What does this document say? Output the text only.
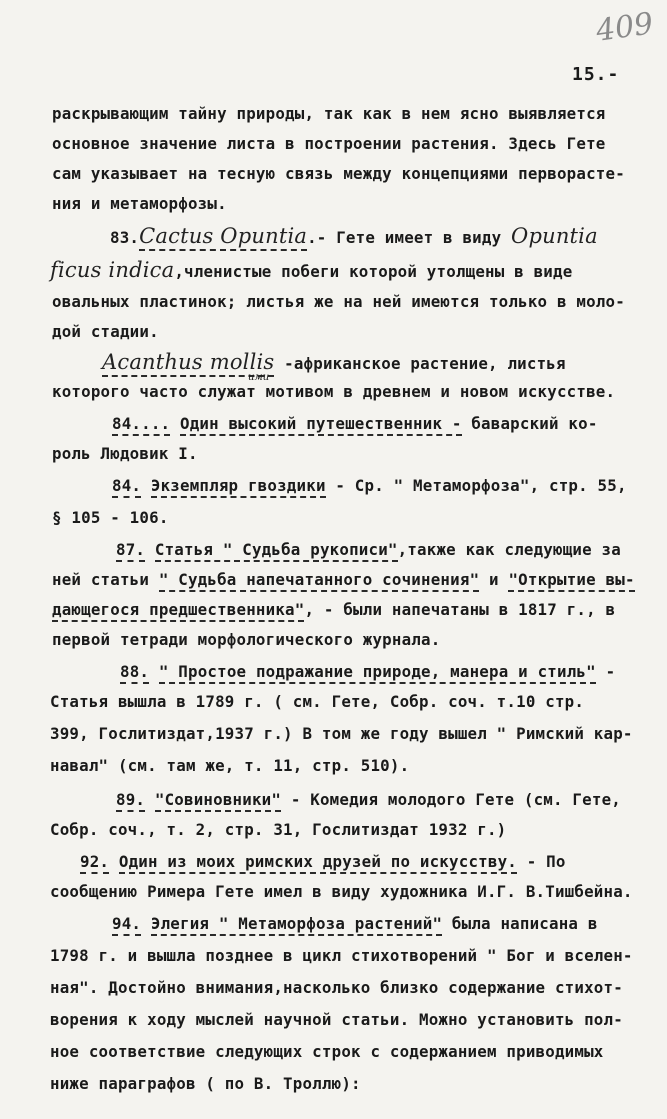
409
15.-
раскрывающим тайну природы, так как в нем ясно выявляется
основное значение листа в построении растения. Здесь Гете
сам указывает на тесную связь между концепциями перворасте-
ния и метаморфозы.
83.Cactus Opuntia.- Гете имеет в виду Opuntia
ficus indica,членистые побеги которой утолщены в виде
овальных пластинок; листья же на ней имеются только в моло-
дой стадии.
Acanthus mollis -африканское растение, листья
ими
которого часто служат мотивом в древнем и новом искусстве.
84.... Один высокий путешественник - баварский ко-
роль Людовик I.
84. Экземпляр гвоздики - Ср. " Метаморфоза", стр. 55,
§ 105 - 106.
87. Статья " Судьба рукописи",также как следующие за
ней статьи " Судьба напечатанного сочинения" и "Открытие вы-
дающегося предшественника", - были напечатаны в 1817 г., в
первой тетради морфологического журнала.
88. " Простое подражание природе, манера и стиль" -
Статья вышла в 1789 г. ( см. Гете, Собр. соч. т.10 стр.
399, Гослитиздат,1937 г.) В том же году вышел " Римский кар-
навал" (см. там же, т. 11, стр. 510).
89. "Совиновники" - Комедия молодого Гете (см. Гете,
Собр. соч., т. 2, стр. 31, Гослитиздат 1932 г.)
92. Один из моих римских друзей по искусству. - По
сообщению Римера Гете имел в виду художника И.Г. В.Тишбейна.
94. Элегия " Метаморфоза растений" была написана в
1798 г. и вышла позднее в цикл стихотворений " Бог и вселен-
ная". Достойно внимания,насколько близко содержание стихот-
ворения к ходу мыслей научной статьи. Можно установить пол-
ное соответствие следующих строк с содержанием приводимых
ниже параграфов ( по В. Троллю):
